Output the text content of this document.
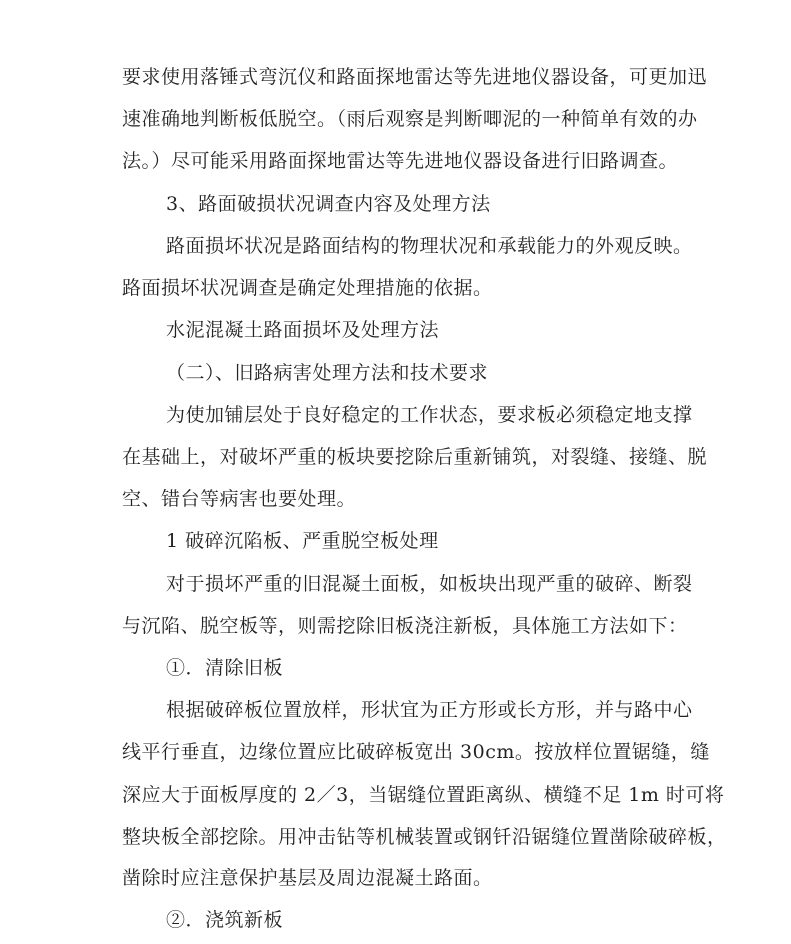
要求使用落锤式弯沉仪和路面探地雷达等先进地仪器设备，可更加迅
速准确地判断板低脱空。（雨后观察是判断唧泥的一种简单有效的办
法。）尽可能采用路面探地雷达等先进地仪器设备进行旧路调查。
3、路面破损状况调查内容及处理方法
路面损坏状况是路面结构的物理状况和承载能力的外观反映。
路面损坏状况调查是确定处理措施的依据。
水泥混凝土路面损坏及处理方法
（二）、旧路病害处理方法和技术要求
为使加铺层处于良好稳定的工作状态，要求板必须稳定地支撑
在基础上，对破坏严重的板块要挖除后重新铺筑，对裂缝、接缝、脱
空、错台等病害也要处理。
1 破碎沉陷板、严重脱空板处理
对于损坏严重的旧混凝土面板，如板块出现严重的破碎、断裂
与沉陷、脱空板等，则需挖除旧板浇注新板，具体施工方法如下：
①．清除旧板
根据破碎板位置放样，形状宜为正方形或长方形，并与路中心
线平行垂直，边缘位置应比破碎板宽出 30cm。按放样位置锯缝，缝
深应大于面板厚度的 2／3，当锯缝位置距离纵、横缝不足 1m 时可将
整块板全部挖除。用冲击钻等机械装置或钢钎沿锯缝位置凿除破碎板，
凿除时应注意保护基层及周边混凝土路面。
②．浇筑新板
